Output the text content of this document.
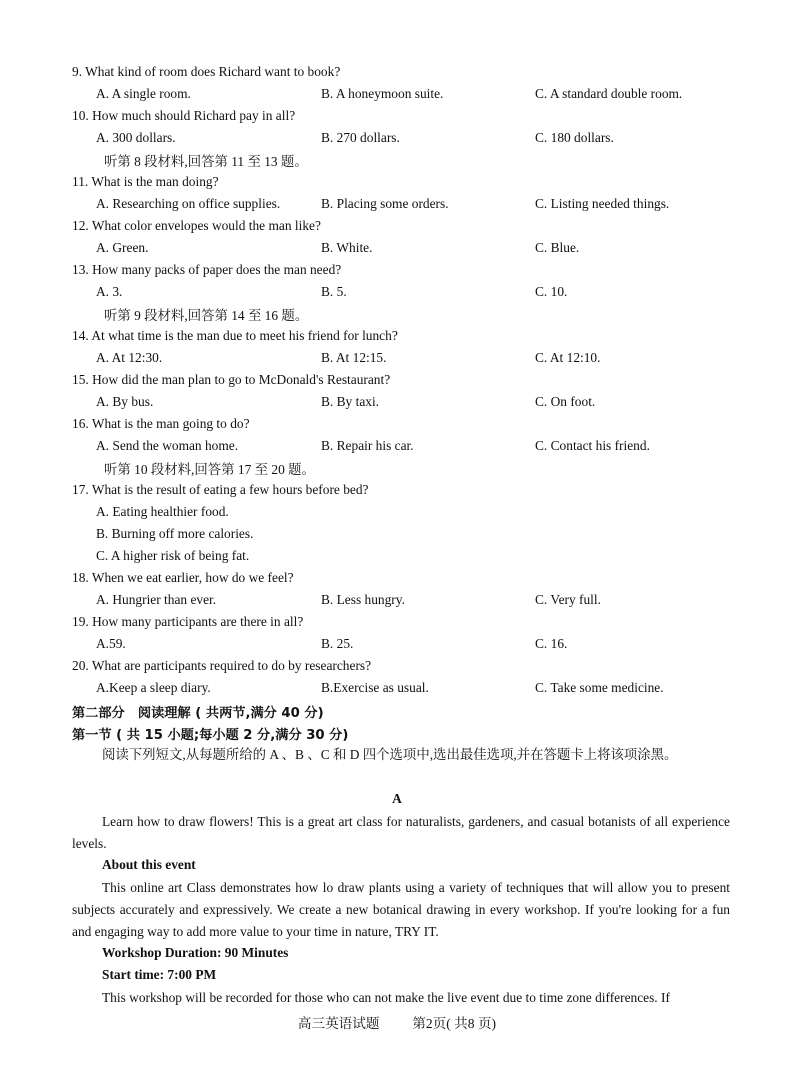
9. What kind of room does Richard want to book?
A. A single room.	B. A honeymoon suite.	C. A standard double room.
10. How much should Richard pay in all?
A. 300 dollars.	B. 270 dollars.	C. 180 dollars.
听第 8 段材料,回答第 11 至 13 题。
11. What is the man doing?
A. Researching on office supplies.	B. Placing some orders.	C. Listing needed things.
12. What color envelopes would the man like?
A. Green.	B. White.	C. Blue.
13. How many packs of paper does the man need?
A. 3.	B. 5.	C. 10.
听第 9 段材料,回答第 14 至 16 题。
14. At what time is the man due to meet his friend for lunch?
A. At 12:30.	B. At 12:15.	C. At 12:10.
15. How did the man plan to go to McDonald's Restaurant?
A. By bus.	B. By taxi.	C. On foot.
16. What is the man going to do?
A. Send the woman home.	B. Repair his car.	C. Contact his friend.
听第 10 段材料,回答第 17 至 20 题。
17. What is the result of eating a few hours before bed?
A. Eating healthier food.
B. Burning off more calories.
C. A higher risk of being fat.
18. When we eat earlier, how do we feel?
A. Hungrier than ever.	B. Less hungry.	C. Very full.
19. How many participants are there in all?
A.59.	B. 25.	C. 16.
20. What are participants required to do by researchers?
A.Keep a sleep diary.	B.Exercise as usual.	C. Take some medicine.
第二部分　阅读理解 ( 共两节,满分 40 分)
第一节 ( 共 15 小题;每小题 2 分,满分 30 分)
阅读下列短文,从每题所给的 A 、B 、C 和 D 四个选项中,选出最佳选项,并在答题卡上将该项涂黑。
A
Learn how to draw flowers! This is a great art class for naturalists, gardeners, and casual botanists of all experience levels.
About this event
This online art Class demonstrates how lo draw plants using a variety of techniques that will allow you to present subjects accurately and expressively. We create a new botanical drawing in every workshop. If you're looking for a fun and engaging way to add more value to your time in nature, TRY IT.
Workshop Duration: 90 Minutes
Start time: 7:00 PM
This workshop will be recorded for those who can not make the live event due to time zone differences. If
高三英语试题 第2页( 共8 页)
